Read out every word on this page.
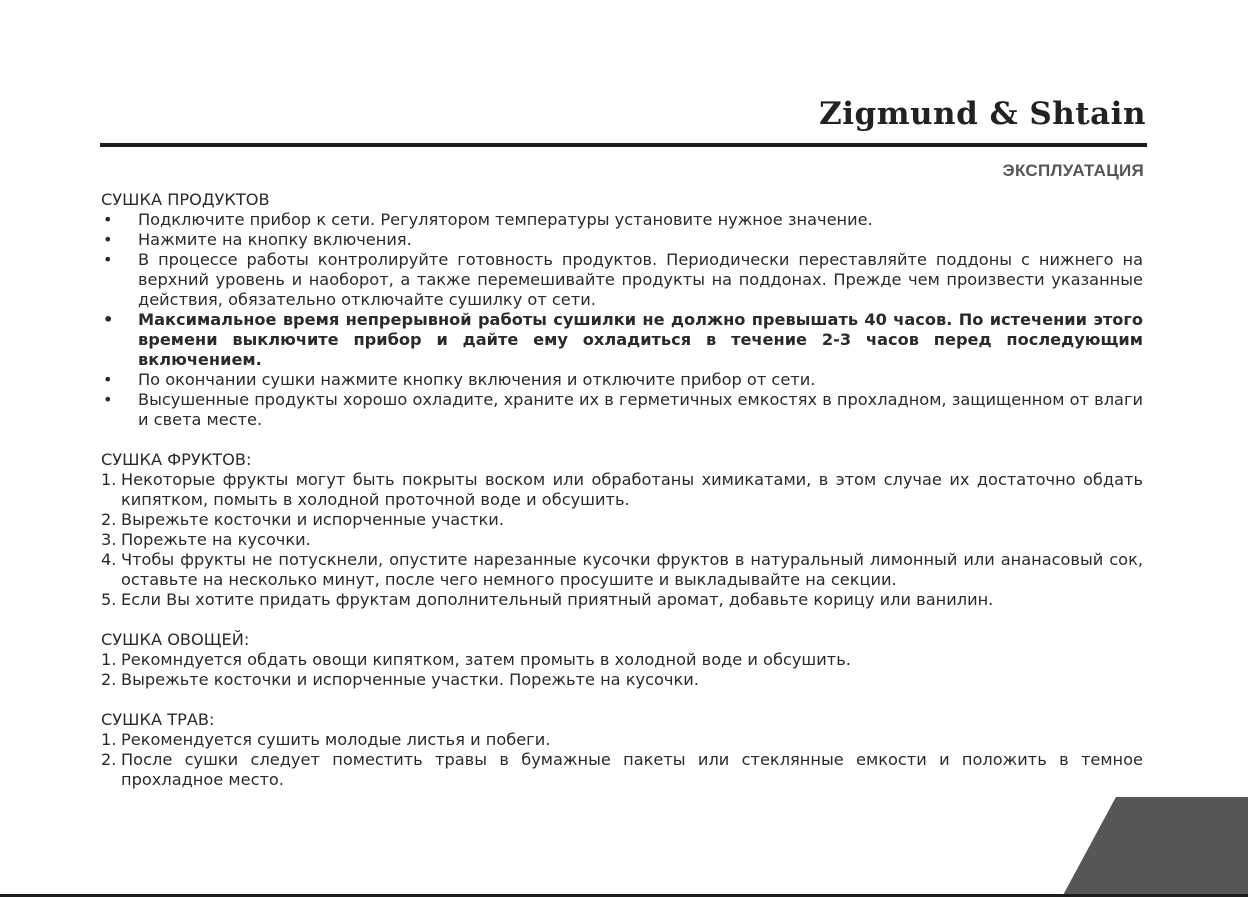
Zigmund & Shtain
ЭКСПЛУАТАЦИЯ
СУШКА ПРОДУКТОВ
• Подключите прибор к сети. Регулятором температуры установите нужное значение.
• Нажмите на кнопку включения.
• В процессе работы контролируйте готовность продуктов. Периодически переставляйте поддоны с нижнего на верхний уровень и наоборот, а также перемешивайте продукты на поддонах. Прежде чем произвести указанные действия, обязательно отключайте сушилку от сети.
• Максимальное время непрерывной работы сушилки не должно превышать 40 часов. По истечении этого времени выключите прибор и дайте ему охладиться в течение 2-3 часов перед последующим включением.
• По окончании сушки нажмите кнопку включения и отключите прибор от сети.
• Высушенные продукты хорошо охладите, храните их в герметичных емкостях в прохладном, защищенном от влаги и света месте.
СУШКА ФРУКТОВ:
1. Некоторые фрукты могут быть покрыты воском или обработаны химикатами, в этом случае их достаточно обдать кипятком, помыть в холодной проточной воде и обсушить.
2. Вырежьте косточки и испорченные участки.
3. Порежьте на кусочки.
4. Чтобы фрукты не потускнели, опустите нарезанные кусочки фруктов в натуральный лимонный или ананасовый сок, оставьте на несколько минут, после чего немного просушите и выкладывайте на секции.
5. Если Вы хотите придать фруктам дополнительный приятный аромат, добавьте корицу или ванилин.
СУШКА ОВОЩЕЙ:
1. Рекомндуется обдать овощи кипятком, затем промыть в холодной воде и обсушить.
2. Вырежьте косточки и испорченные участки. Порежьте на кусочки.
СУШКА ТРАВ:
1. Рекомендуется сушить молодые листья и побеги.
2. После сушки следует поместить травы в бумажные пакеты или стеклянные емкости и положить в темное прохладное место.
